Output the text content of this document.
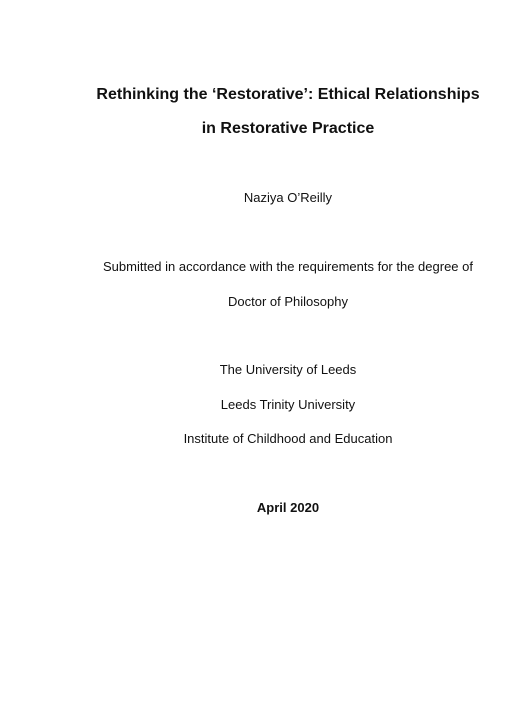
Rethinking the ‘Restorative’: Ethical Relationships
in Restorative Practice
Naziya O’Reilly
Submitted in accordance with the requirements for the degree of
Doctor of Philosophy
The University of Leeds
Leeds Trinity University
Institute of Childhood and Education
April 2020
